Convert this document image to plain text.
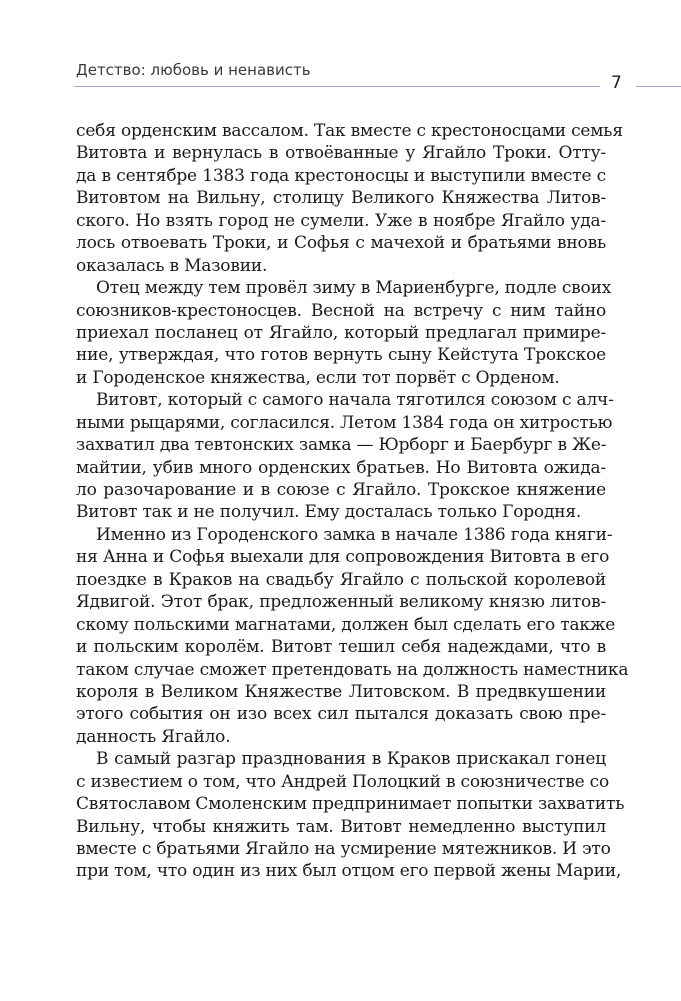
Детство: любовь и ненависть
7
себя орденским вассалом. Так вместе с крестоносцами семья
Витовта и вернулась в отвоёванные у Ягайло Троки. Отту-
да в сентябре 1383 года крестоносцы и выступили вместе с
Витовтом на Вильну, столицу Великого Княжества Литов-
ского. Но взять город не сумели. Уже в ноябре Ягайло уда-
лось отвоевать Троки, и Софья с мачехой и братьями вновь
оказалась в Мазовии.
Отец между тем провёл зиму в Мариенбурге, подле своих
союзников-крестоносцев. Весной на встречу с ним тайно
приехал посланец от Ягайло, который предлагал примире-
ние, утверждая, что готов вернуть сыну Кейстута Трокское
и Городенское княжества, если тот порвёт с Орденом.
Витовт, который с самого начала тяготился союзом с алч-
ными рыцарями, согласился. Летом 1384 года он хитростью
захватил два тевтонских замка — Юрборг и Баербург в Же-
майтии, убив много орденских братьев. Но Витовта ожида-
ло разочарование и в союзе с Ягайло. Трокское княжение
Витовт так и не получил. Ему досталась только Городня.
Именно из Городенского замка в начале 1386 года княги-
ня Анна и Софья выехали для сопровождения Витовта в его
поездке в Краков на свадьбу Ягайло с польской королевой
Ядвигой. Этот брак, предложенный великому князю литов-
скому польскими магнатами, должен был сделать его также
и польским королём. Витовт тешил себя надеждами, что в
таком случае сможет претендовать на должность наместника
короля в Великом Княжестве Литовском. В предвкушении
этого события он изо всех сил пытался доказать свою пре-
данность Ягайло.
В самый разгар празднования в Краков прискакал гонец
с известием о том, что Андрей Полоцкий в союзничестве со
Святославом Смоленским предпринимает попытки захватить
Вильну, чтобы княжить там. Витовт немедленно выступил
вместе с братьями Ягайло на усмирение мятежников. И это
при том, что один из них был отцом его первой жены Марии,
